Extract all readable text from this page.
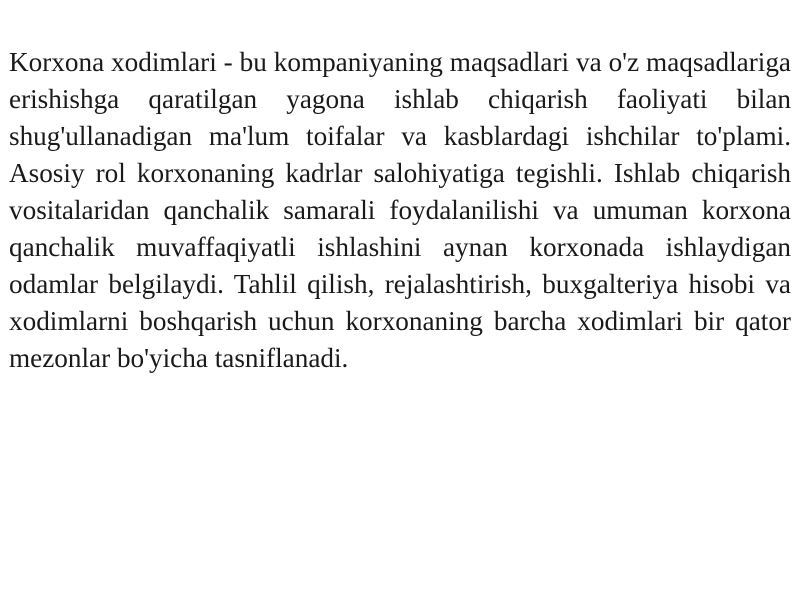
Korxona xodimlari - bu kompaniyaning maqsadlari va o'z maqsadlariga erishishga qaratilgan yagona ishlab chiqarish faoliyati bilan shug'ullanadigan ma'lum toifalar va kasblardagi ishchilar to'plami. Asosiy rol korxonaning kadrlar salohiyatiga tegishli. Ishlab chiqarish vositalaridan qanchalik samarali foydalanilishi va umuman korxona qanchalik muvaffaqiyatli ishlashini aynan korxonada ishlaydigan odamlar belgilaydi. Tahlil qilish, rejalashtirish, buxgalteriya hisobi va xodimlarni boshqarish uchun korxonaning barcha xodimlari bir qator mezonlar bo'yicha tasniflanadi.
